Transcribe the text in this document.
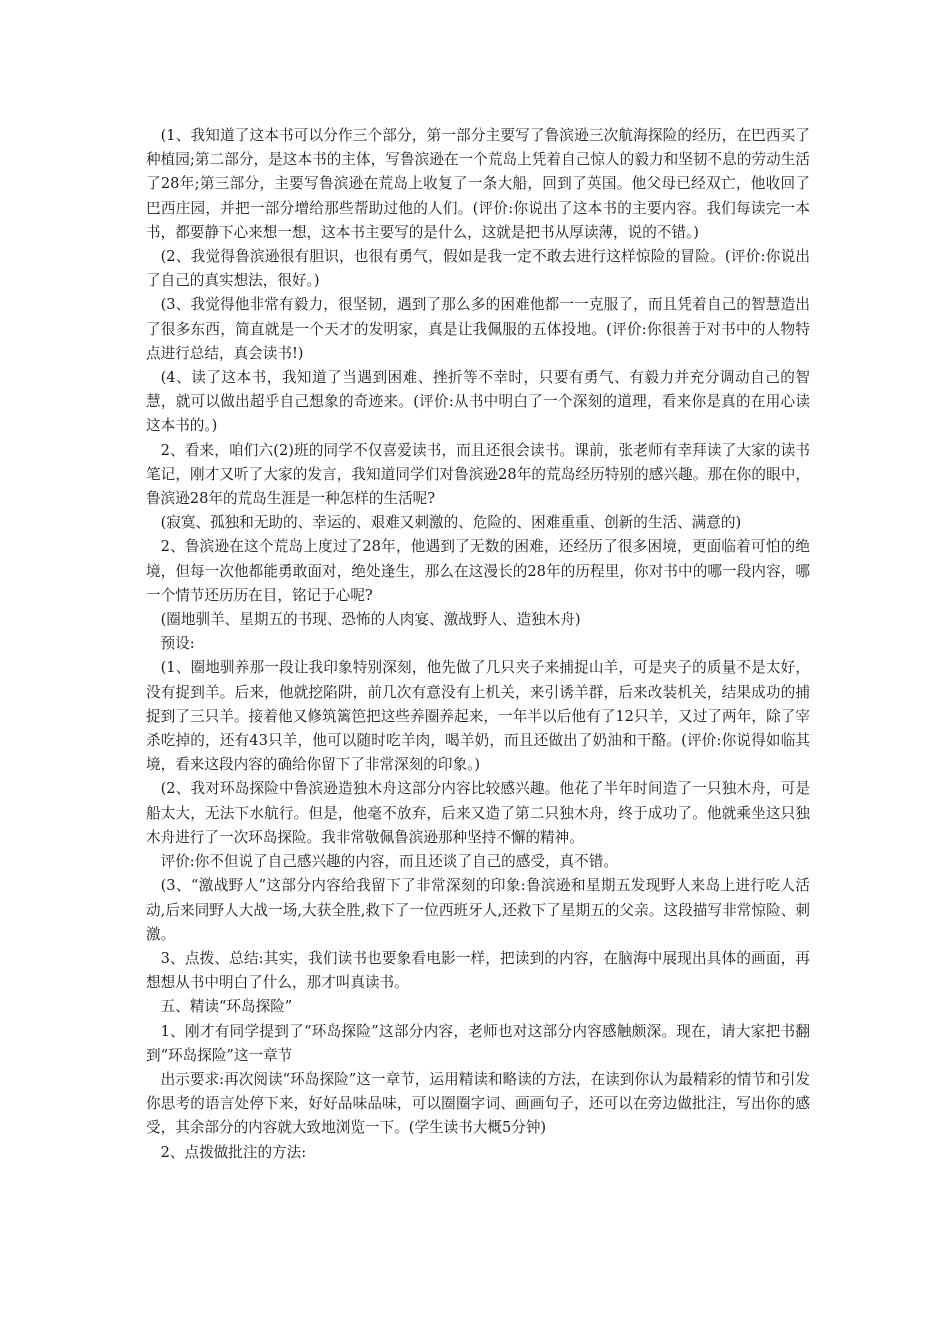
(1、我知道了这本书可以分作三个部分，第一部分主要写了鲁滨逊三次航海探险的经历，在巴西买了种植园;第二部分，是这本书的主体，写鲁滨逊在一个荒岛上凭着自己惊人的毅力和坚韧不息的劳动生活了28年;第三部分，主要写鲁滨逊在荒岛上收复了一条大船，回到了英国。他父母已经双亡，他收回了巴西庄园，并把一部分增给那些帮助过他的人们。(评价:你说出了这本书的主要内容。我们每读完一本书，都要静下心来想一想，这本书主要写的是什么，这就是把书从厚读薄，说的不错。)

(2、我觉得鲁滨逊很有胆识，也很有勇气，假如是我一定不敢去进行这样惊险的冒险。(评价:你说出了自己的真实想法，很好。)

(3、我觉得他非常有毅力，很坚韧，遇到了那么多的困难他都一一克服了，而且凭着自己的智慧造出了很多东西，简直就是一个天才的发明家，真是让我佩服的五体投地。(评价:你很善于对书中的人物特点进行总结，真会读书!)

(4、读了这本书，我知道了当遇到困难、挫折等不幸时，只要有勇气、有毅力并充分调动自己的智慧，就可以做出超乎自己想象的奇迹来。(评价:从书中明白了一个深刻的道理，看来你是真的在用心读这本书的。)

2、看来，咱们六(2)班的同学不仅喜爱读书，而且还很会读书。课前，张老师有幸拜读了大家的读书笔记，刚才又听了大家的发言，我知道同学们对鲁滨逊28年的荒岛经历特别的感兴趣。那在你的眼中，鲁滨逊28年的荒岛生涯是一种怎样的生活呢?

(寂寞、孤独和无助的、幸运的、艰难又刺激的、危险的、困难重重、创新的生活、满意的)

2、鲁滨逊在这个荒岛上度过了28年，他遇到了无数的困难，还经历了很多困境，更面临着可怕的绝境，但每一次他都能勇敢面对，绝处逢生，那么在这漫长的28年的历程里，你对书中的哪一段内容，哪一个情节还历历在目，铭记于心呢?

(圈地驯羊、星期五的书现、恐怖的人肉宴、激战野人、造独木舟)

预设:

(1、圈地驯养那一段让我印象特别深刻，他先做了几只夹子来捕捉山羊，可是夹子的质量不是太好，没有捉到羊。后来，他就挖陷阱，前几次有意没有上机关，来引诱羊群，后来改装机关，结果成功的捕捉到了三只羊。接着他又修筑篱笆把这些养圈养起来，一年半以后他有了12只羊，又过了两年，除了宰杀吃掉的，还有43只羊，他可以随时吃羊肉，喝羊奶，而且还做出了奶油和干酪。(评价:你说得如临其境，看来这段内容的确给你留下了非常深刻的印象。)

(2、我对环岛探险中鲁滨逊造独木舟这部分内容比较感兴趣。他花了半年时间造了一只独木舟，可是船太大，无法下水航行。但是，他毫不放弃，后来又造了第二只独木舟，终于成功了。他就乘坐这只独木舟进行了一次环岛探险。我非常敬佩鲁滨逊那种坚持不懈的精神。

评价:你不但说了自己感兴趣的内容，而且还谈了自己的感受，真不错。

(3、“激战野人”这部分内容给我留下了非常深刻的印象:鲁滨逊和星期五发现野人来岛上进行吃人活动,后来同野人大战一场,大获全胜,救下了一位西班牙人,还救下了星期五的父亲。这段描写非常惊险、刺激。

3、点拨、总结:其实，我们读书也要象看电影一样，把读到的内容，在脑海中展现出具体的画面，再想想从书中明白了什么，那才叫真读书。

五、精读“环岛探险”

1、刚才有同学提到了“环岛探险”这部分内容，老师也对这部分内容感触颇深。现在，请大家把书翻到“环岛探险”这一章节

出示要求:再次阅读“环岛探险”这一章节，运用精读和略读的方法，在读到你认为最精彩的情节和引发你思考的语言处停下来，好好品味品味，可以圈圈字词、画画句子，还可以在旁边做批注，写出你的感受，其余部分的内容就大致地浏览一下。(学生读书大概5分钟)

2、点拨做批注的方法:
